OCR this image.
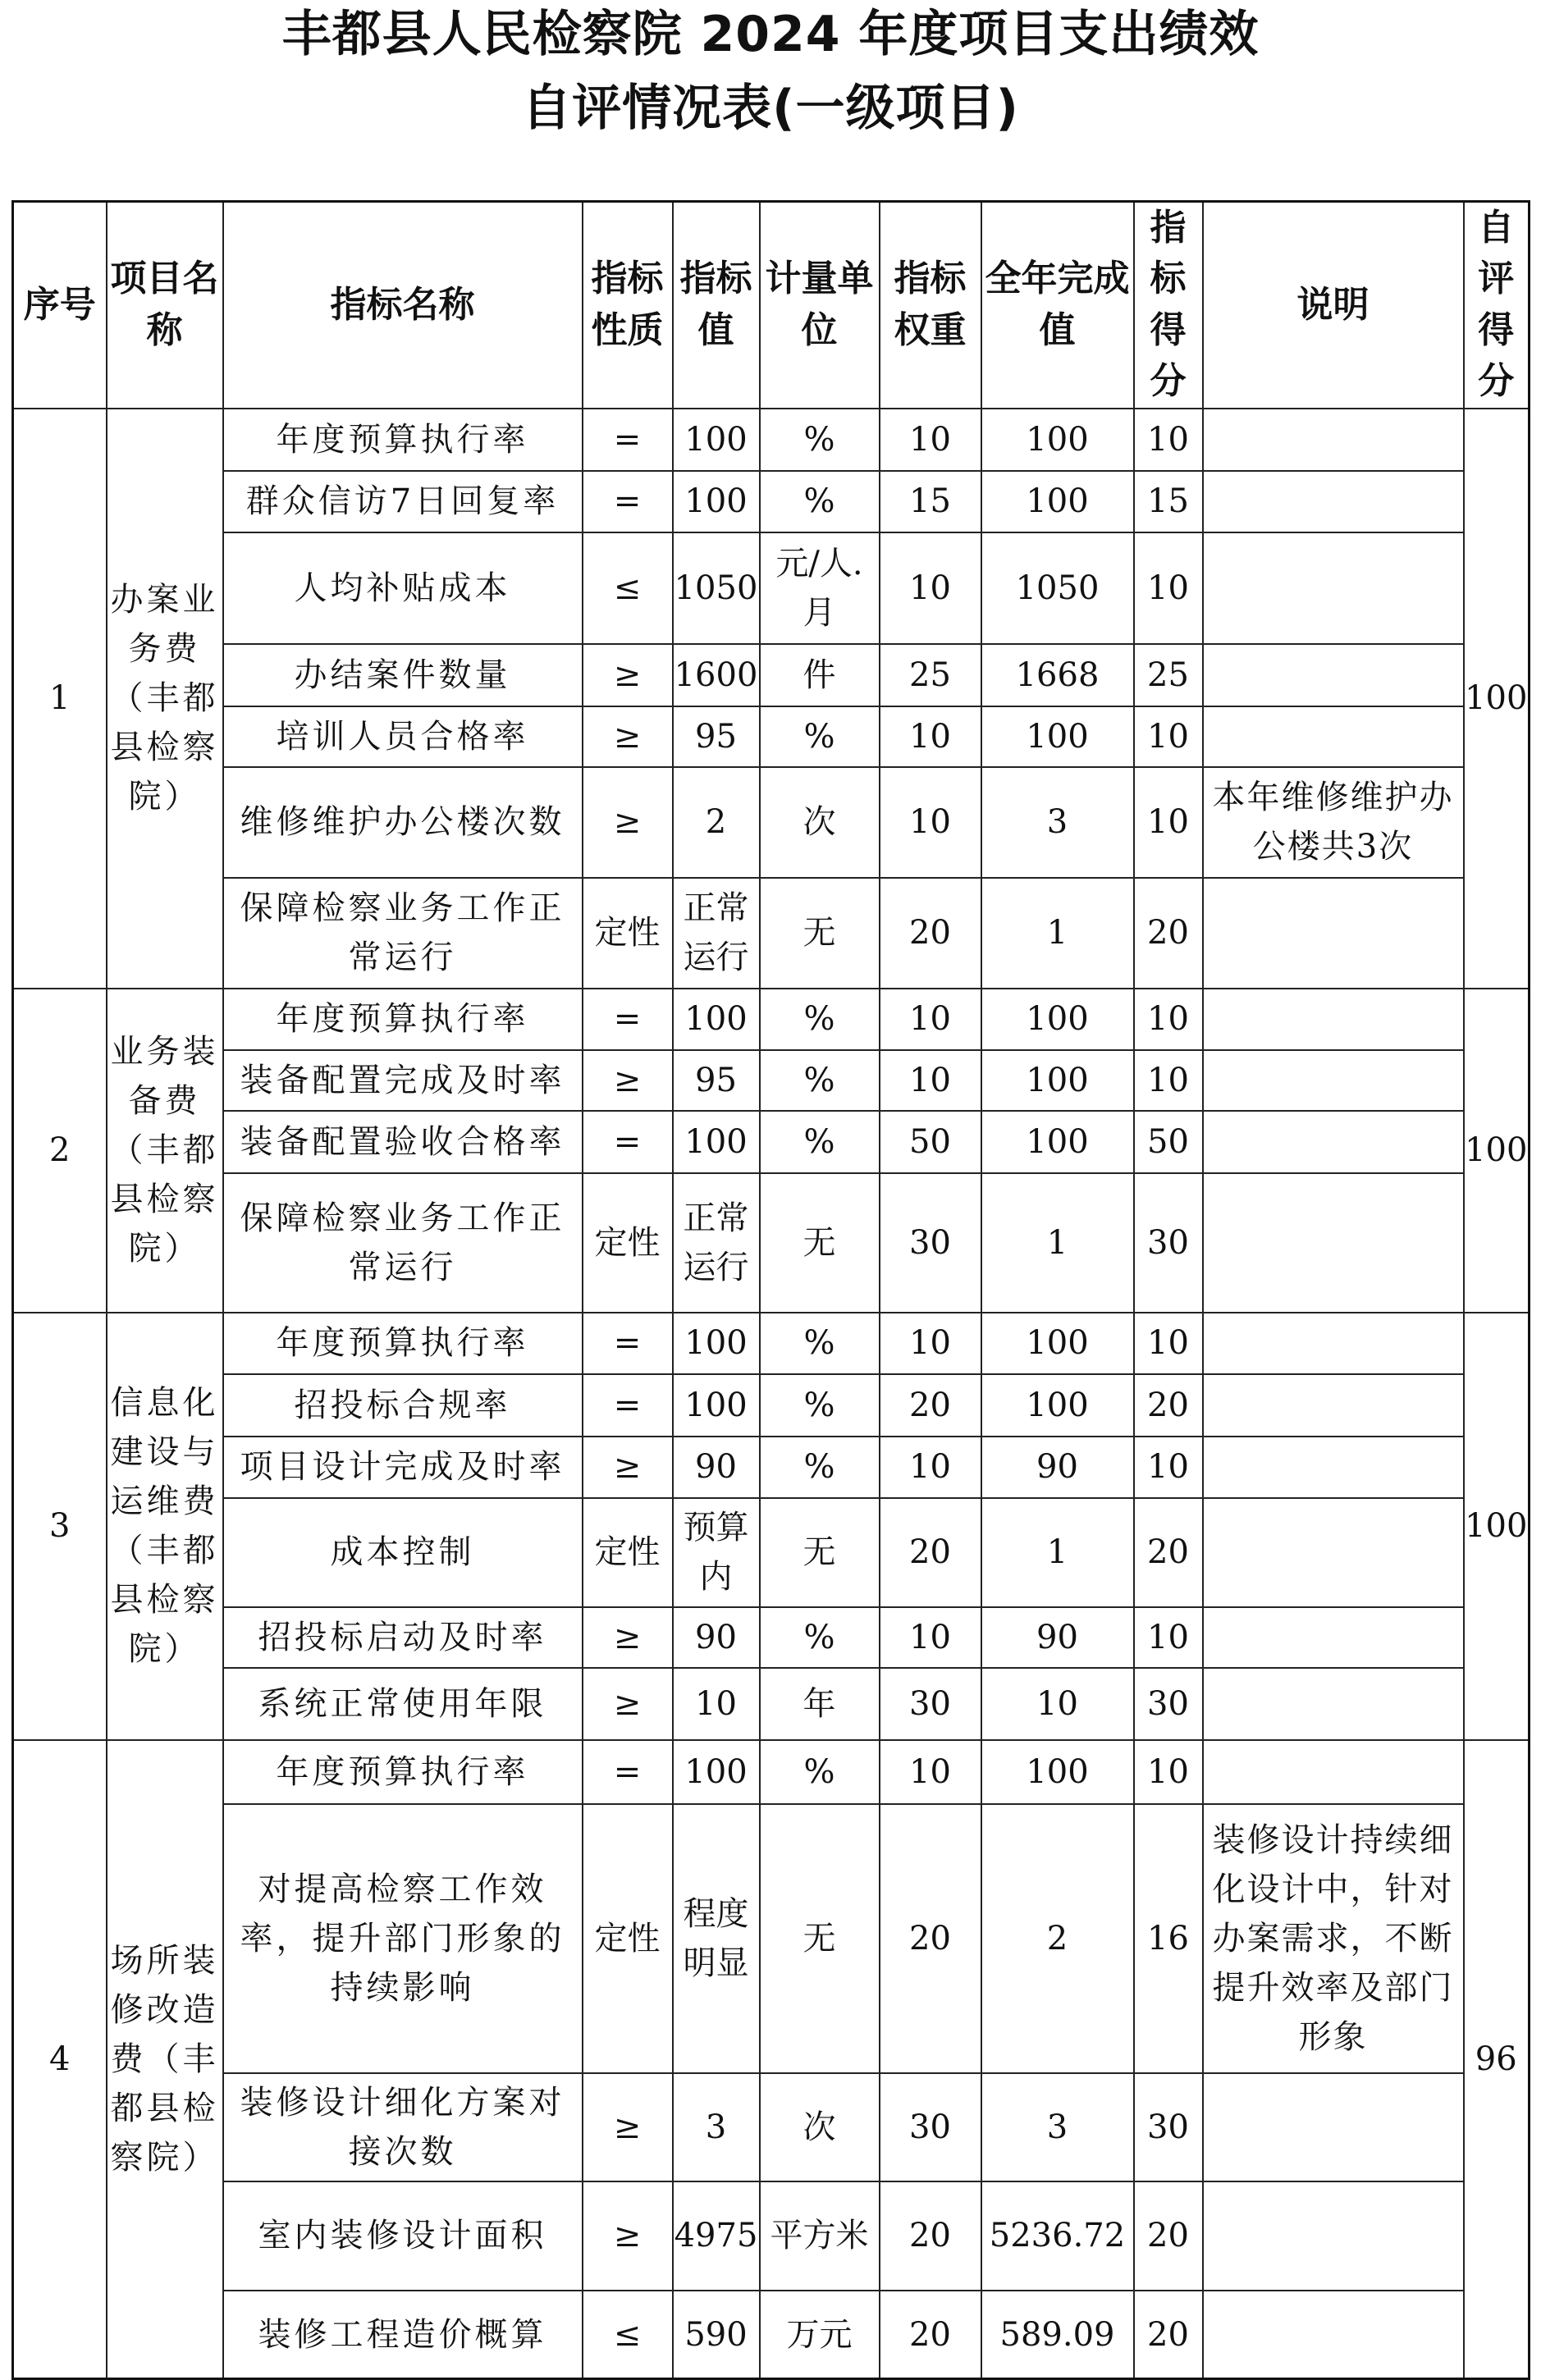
丰都县人民检察院 2024 年度项目支出绩效
自评情况表(一级项目)
序号	项目名称	指标名称	指标性质	指标值	计量单位	指标权重	全年完成值	指标得分	说明	自评得分
1	办案业务费（丰都县检察院）	年度预算执行率	=	100	%	10	100	10		100
		群众信访7日回复率	=	100	%	15	100	15		
		人均补贴成本	≤	1050	元/人.月	10	1050	10		
		办结案件数量	≥	1600	件	25	1668	25		
		培训人员合格率	≥	95	%	10	100	10		
		维修维护办公楼次数	≥	2	次	10	3	10	本年维修维护办公楼共3次	
		保障检察业务工作正常运行	定性	正常运行	无	20	1	20		
2	业务装备费（丰都县检察院）	年度预算执行率	=	100	%	10	100	10		100
		装备配置完成及时率	≥	95	%	10	100	10		
		装备配置验收合格率	=	100	%	50	100	50		
		保障检察业务工作正常运行	定性	正常运行	无	30	1	30		
3	信息化建设与运维费（丰都县检察院）	年度预算执行率	=	100	%	10	100	10		100
		招投标合规率	=	100	%	20	100	20		
		项目设计完成及时率	≥	90	%	10	90	10		
		成本控制	定性	预算内	无	20	1	20		
		招投标启动及时率	≥	90	%	10	90	10		
		系统正常使用年限	≥	10	年	30	10	30		
4	场所装修改造费（丰都县检察院）	年度预算执行率	=	100	%	10	100	10		96
		对提高检察工作效率，提升部门形象的持续影响	定性	程度明显	无	20	2	16	装修设计持续细化设计中，针对办案需求，不断提升效率及部门形象	
		装修设计细化方案对接次数	≥	3	次	30	3	30		
		室内装修设计面积	≥	4975	平方米	20	5236.72	20		
		装修工程造价概算	≤	590	万元	20	589.09	20		
